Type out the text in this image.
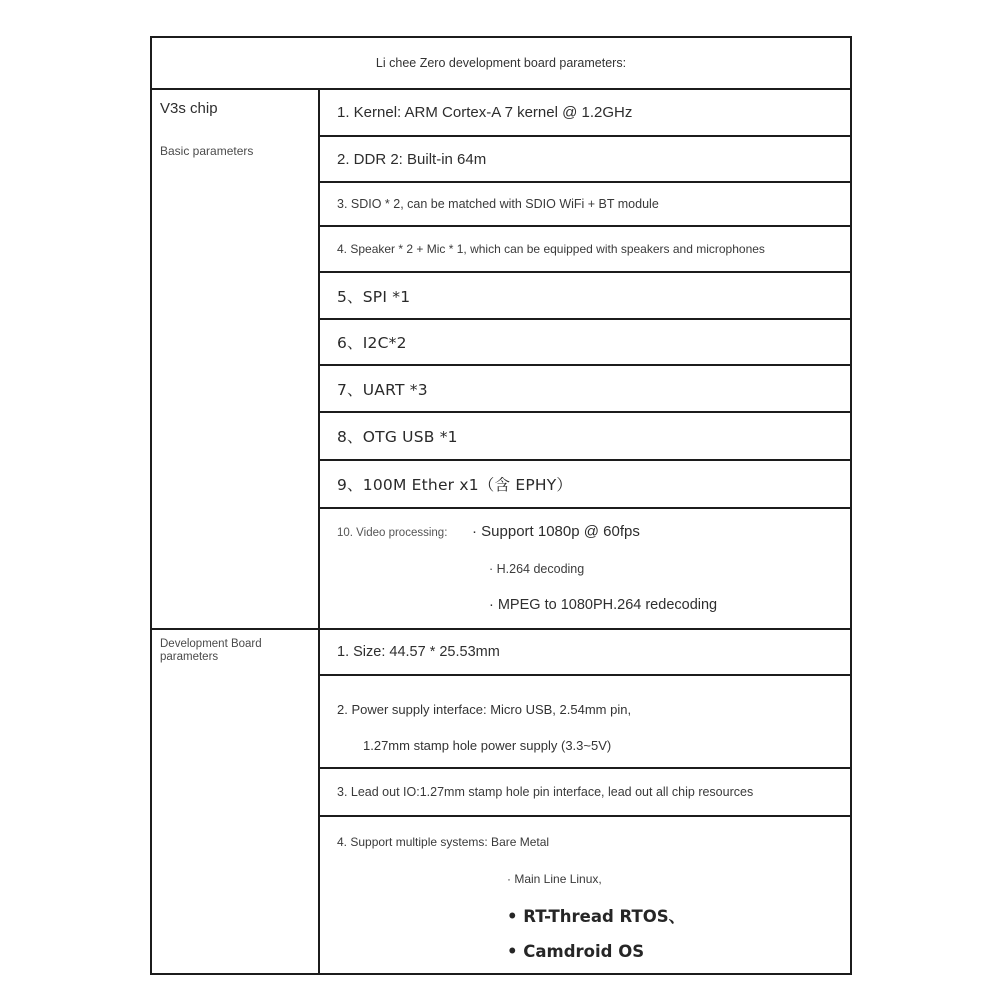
Li chee Zero development board parameters:
V3s chip
Basic parameters
1. Kernel: ARM Cortex-A 7 kernel @ 1.2GHz
2. DDR 2: Built-in 64m
3. SDIO * 2, can be matched with SDIO WiFi + BT module
4. Speaker * 2 + Mic * 1, which can be equipped with speakers and microphones
5、SPI *1
6、I2C*2
7、UART *3
8、OTG USB *1
9、100M Ether x1（含 EPHY）
10. Video processing:	· Support 1080p @ 60fps
· H.264 decoding
· MPEG to 1080PH.264 redecoding
Development Board parameters	1. Size: 44.57 * 25.53mm
2. Power supply interface: Micro USB, 2.54mm pin,
1.27mm stamp hole power supply (3.3~5V)
3. Lead out IO:1.27mm stamp hole pin interface, lead out all chip resources
4. Support multiple systems: Bare Metal
· Main Line Linux,
• RT-Thread RTOS、
• Camdroid OS
